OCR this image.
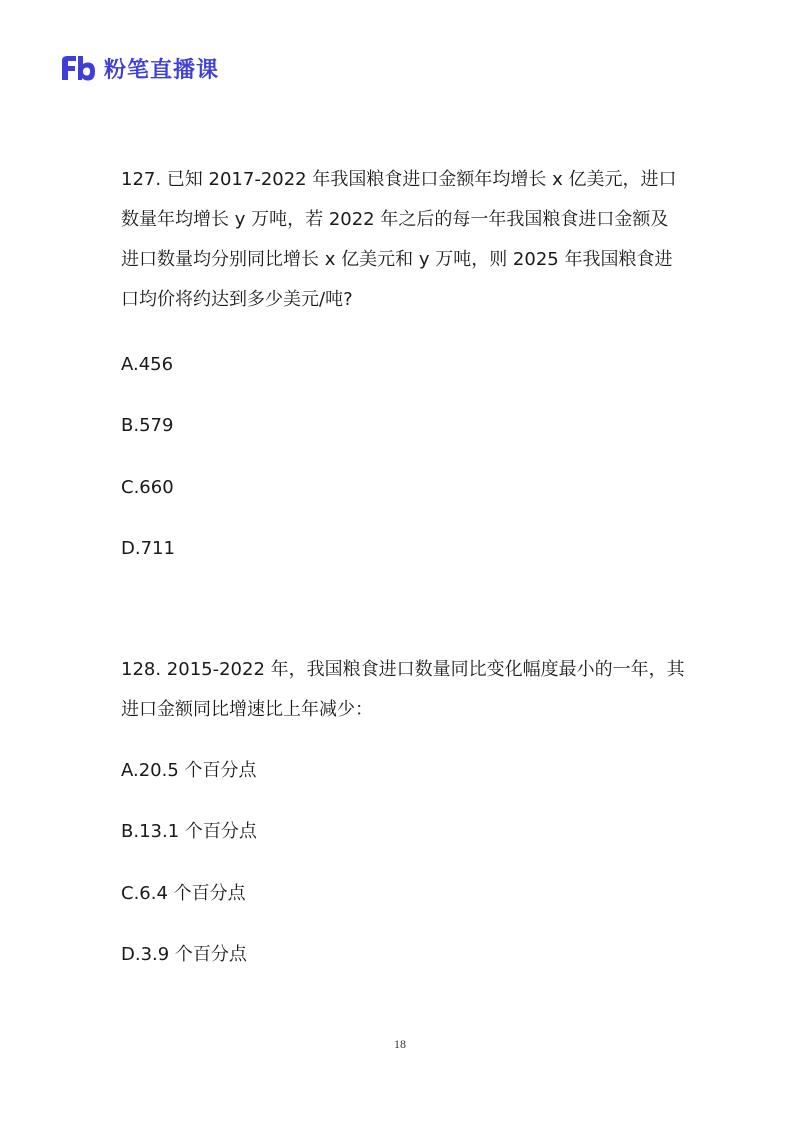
粉笔直播课

127. 已知 2017-2022 年我国粮食进口金额年均增长 x 亿美元，进口数量年均增长 y 万吨，若 2022 年之后的每一年我国粮食进口金额及进口数量均分别同比增长 x 亿美元和 y 万吨，则 2025 年我国粮食进口均价将约达到多少美元/吨?

A.456
B.579
C.660
D.711

128. 2015-2022 年，我国粮食进口数量同比变化幅度最小的一年，其进口金额同比增速比上年减少：

A.20.5 个百分点
B.13.1 个百分点
C.6.4 个百分点
D.3.9 个百分点
18
